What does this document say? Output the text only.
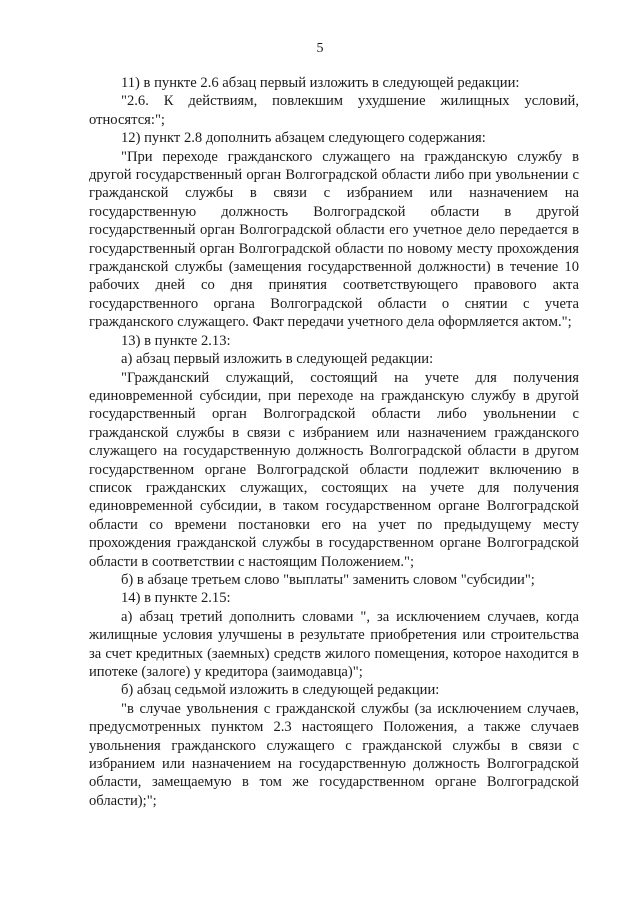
5

11) в пункте 2.6 абзац первый изложить в следующей редакции:

"2.6. К действиям, повлекшим ухудшение жилищных условий, относятся:";

12) пункт 2.8 дополнить абзацем следующего содержания:

"При переходе гражданского служащего на гражданскую службу в другой государственный орган Волгоградской области либо при увольнении с гражданской службы в связи с избранием или назначением на государственную должность Волгоградской области в другой государственный орган Волгоградской области его учетное дело передается в государственный орган Волгоградской области по новому месту прохождения гражданской службы (замещения государственной должности) в течение 10 рабочих дней со дня принятия соответствующего правового акта государственного органа Волгоградской области о снятии с учета гражданского служащего. Факт передачи учетного дела оформляется актом.";

13) в пункте 2.13:

а) абзац первый изложить в следующей редакции:

"Гражданский служащий, состоящий на учете для получения единовременной субсидии, при переходе на гражданскую службу в другой государственный орган Волгоградской области либо увольнении с гражданской службы в связи с избранием или назначением гражданского служащего на государственную должность Волгоградской области в другом государственном органе Волгоградской области подлежит включению в список гражданских служащих, состоящих на учете для получения единовременной субсидии, в таком государственном органе Волгоградской области со времени постановки его на учет по предыдущему месту прохождения гражданской службы в государственном органе Волгоградской области в соответствии с настоящим Положением.";

б) в абзаце третьем слово "выплаты" заменить словом "субсидии";

14) в пункте 2.15:

а) абзац третий дополнить словами ", за исключением случаев, когда жилищные условия улучшены в результате приобретения или строительства за счет кредитных (заемных) средств жилого помещения, которое находится в ипотеке (залоге) у кредитора (заимодавца)";

б) абзац седьмой изложить в следующей редакции:

"в случае увольнения с гражданской службы (за исключением случаев, предусмотренных пунктом 2.3 настоящего Положения, а также случаев увольнения гражданского служащего с гражданской службы в связи с избранием или назначением на государственную должность Волгоградской области, замещаемую в том же государственном органе Волгоградской области);";
